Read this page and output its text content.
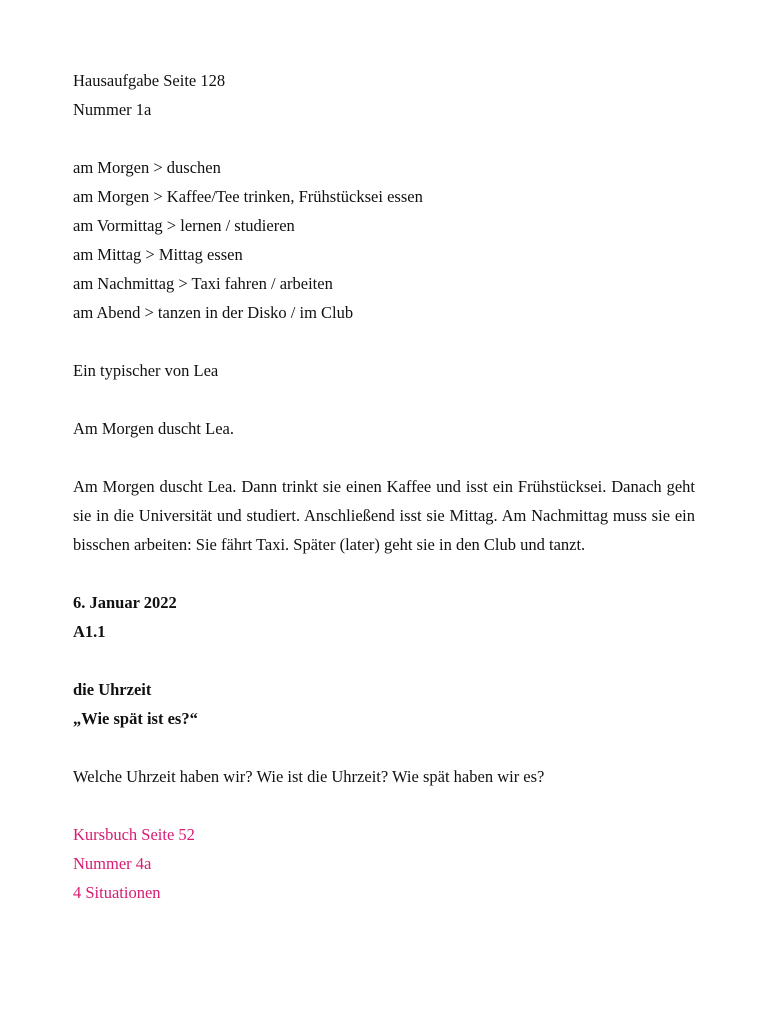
Hausaufgabe Seite 128
Nummer 1a
am Morgen > duschen
am Morgen > Kaffee/Tee trinken, Frühstücksei essen
am Vormittag > lernen / studieren
am Mittag > Mittag essen
am Nachmittag > Taxi fahren / arbeiten
am Abend > tanzen in der Disko / im Club
Ein typischer von Lea
Am Morgen duscht Lea.

Am Morgen duscht Lea. Dann trinkt sie einen Kaffee und isst ein Frühstücksei. Danach geht sie in die Universität und studiert. Anschließend isst sie Mittag. Am Nachmittag muss sie ein bisschen arbeiten: Sie fährt Taxi. Später (later) geht sie in den Club und tanzt.

6. Januar 2022
A1.1
die Uhrzeit
„Wie spät ist es?“
Welche Uhrzeit haben wir? Wie ist die Uhrzeit? Wie spät haben wir es?
Kursbuch Seite 52
Nummer 4a
4 Situationen
